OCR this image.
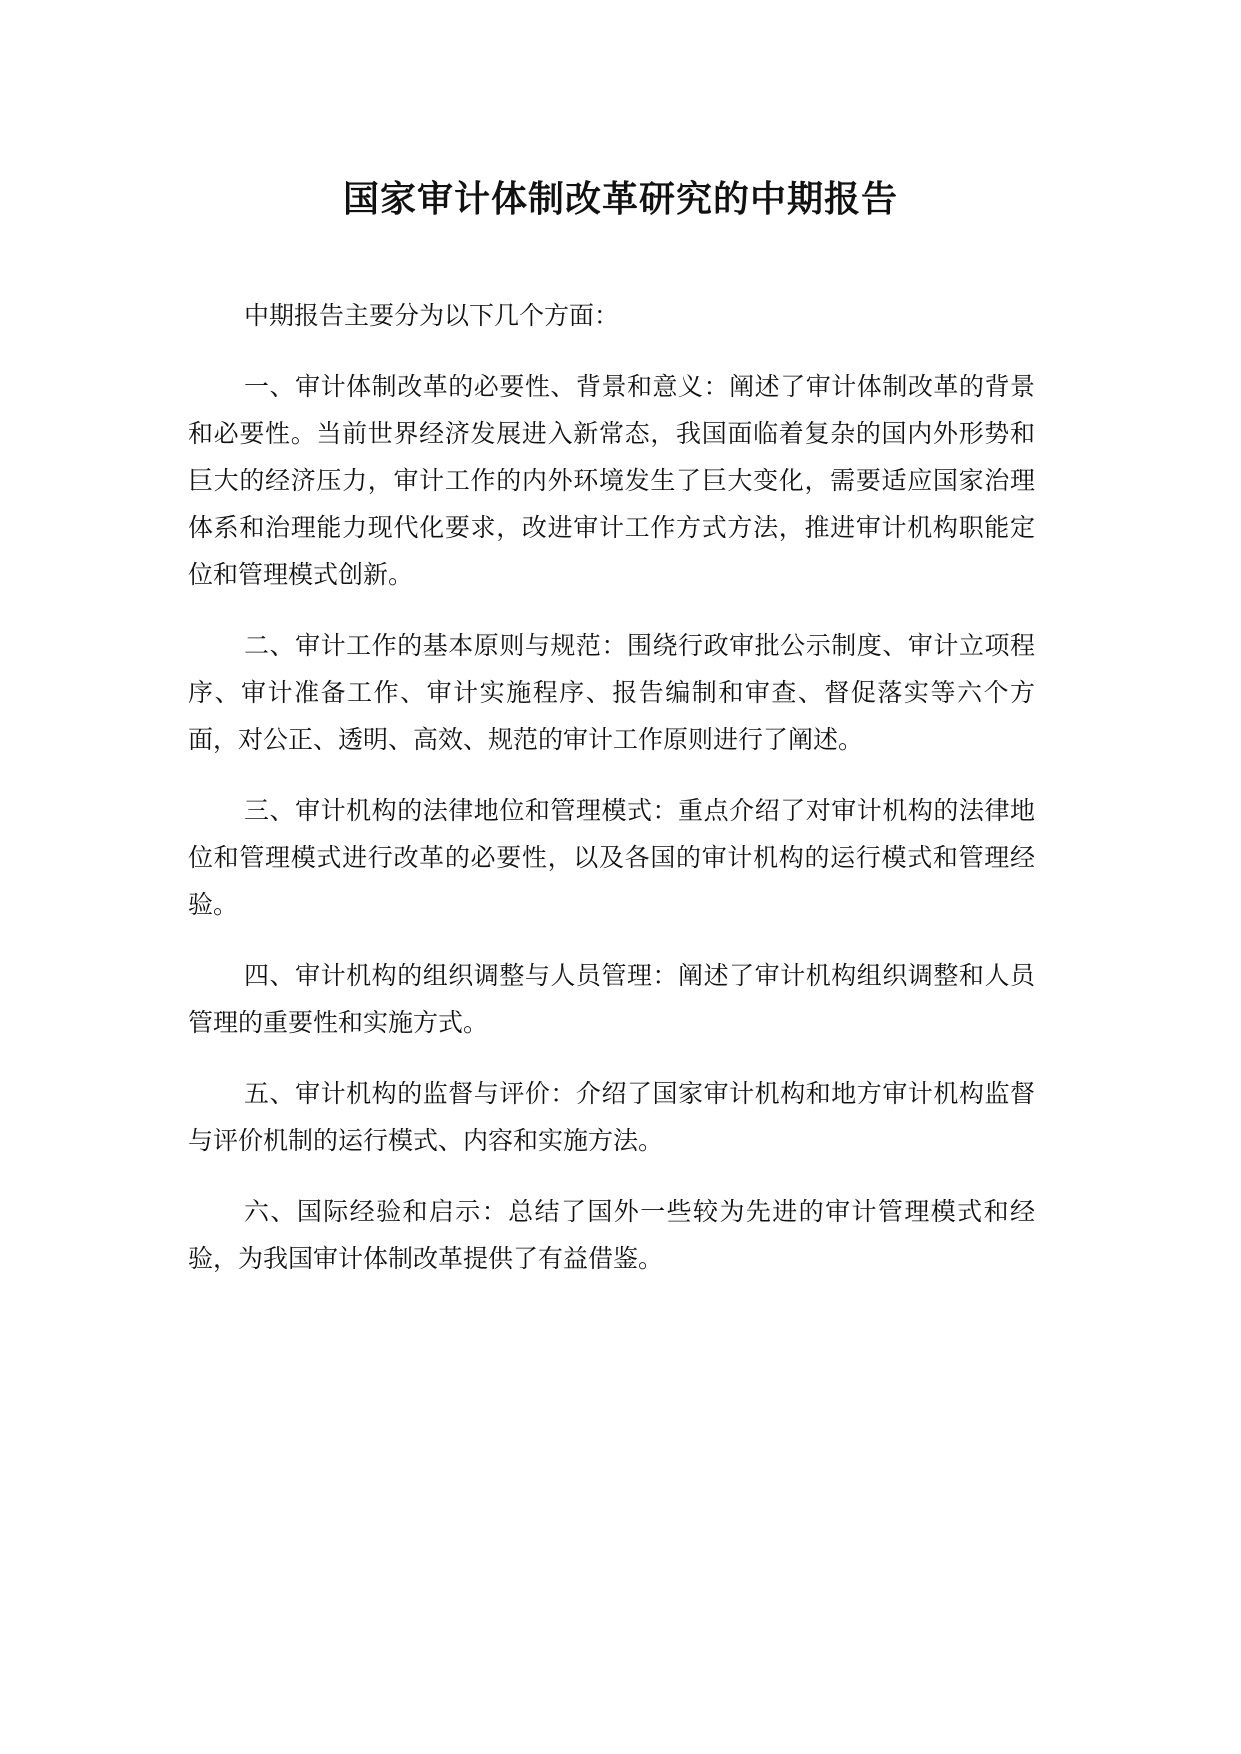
国家审计体制改革研究的中期报告

中期报告主要分为以下几个方面：

一、审计体制改革的必要性、背景和意义：阐述了审计体制改革的背景和必要性。当前世界经济发展进入新常态，我国面临着复杂的国内外形势和巨大的经济压力，审计工作的内外环境发生了巨大变化，需要适应国家治理体系和治理能力现代化要求，改进审计工作方式方法，推进审计机构职能定位和管理模式创新。

二、审计工作的基本原则与规范：围绕行政审批公示制度、审计立项程序、审计准备工作、审计实施程序、报告编制和审查、督促落实等六个方面，对公正、透明、高效、规范的审计工作原则进行了阐述。

三、审计机构的法律地位和管理模式：重点介绍了对审计机构的法律地位和管理模式进行改革的必要性，以及各国的审计机构的运行模式和管理经验。

四、审计机构的组织调整与人员管理：阐述了审计机构组织调整和人员管理的重要性和实施方式。

五、审计机构的监督与评价：介绍了国家审计机构和地方审计机构监督与评价机制的运行模式、内容和实施方法。

六、国际经验和启示：总结了国外一些较为先进的审计管理模式和经验，为我国审计体制改革提供了有益借鉴。
